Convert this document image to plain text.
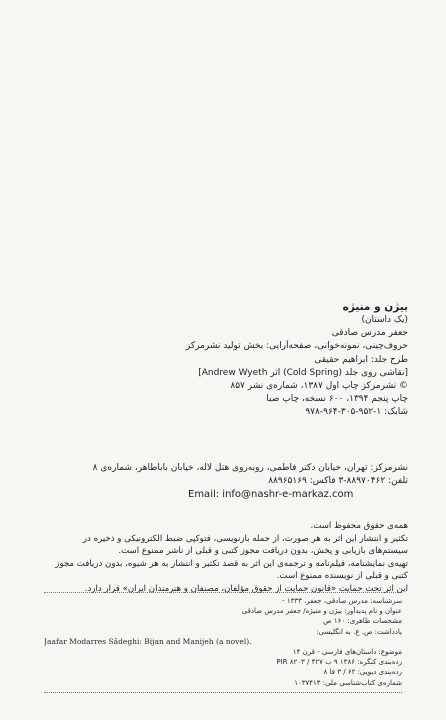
بیژن و منیژه
(یک داستان)
جعفر مدرس صادقی
حروف‌چینی، نمونه‌خوانی، صفحه‌آرایی: بخش تولید نشرمرکز
طرح جلد: ابراهیم حقیقی
[نقاشی روی جلد (Cold Spring) اثر Andrew Wyeth]
© نشرمرکز چاپ اول ۱۳۸۷، شماره‌ی نشر ۸۵۷
چاپ پنجم ۱۳۹۴، ۶۰۰ نسخه، چاپ صبا
شابک: ۱-۹۵۲-۳۰۵-۹۶۴-۹۷۸
نشرمرکز: تهران، خیابان دکتر فاطمی، روبه‌روی هتل لاله، خیابان باباطاهر، شماره‌ی ۸
تلفن: ۸۸۹۷۰۴۶۲-۳ فاکس: ۸۸۹۶۵۱۶۹
Email: info@nashr-e-markaz.com
همه‌ی حقوق محفوظ است.
تکثیر و انتشار این اثر به هر صورت، از جمله بازنویسی، فتوکپی ضبط الکترونیکی و ذخیره در
سیستم‌های بازیابی و پخش، بدون دریافت مجوز کتبی و قبلی از ناشر ممنوع است.
تهیه‌ی نمایشنامه، فیلم‌نامه و ترجمه‌ی این اثر به قصد تکثیر و انتشار به هر شیوه، بدون دریافت مجوز
کتبی و قبلی از نویسنده ممنوع است.
این اثر تحت حمایت «قانون حمایت از حقوق مؤلفان، مصنفان و هنرمندان ایران» قرار دارد.
سرشناسه: مدرس صادقی، جعفر، ۱۳۳۳ -
عنوان و نام پدیدآور: بیژن و منیژه/ جعفر مدرس صادقی
مشخصات ظاهری: ۱۶۰ ص
یادداشت: ص. ع. به انگلیسی:
Jaafar Modarres Sâdeghi: Bijan and Manijeh (a novel).
موضوع: داستان‌های فارسی - قرن ۱۴
رده‌بندی کنگره: ۱۳۸۶ ۹ ب ۴۲۷ / ۸۲۰۳ PIR
رده‌بندی دیویی: ۶۲ / ۳ فا ۸
شماره‌ی کتاب‌شناسی ملی: ۱۰۳۷۴۱۴
